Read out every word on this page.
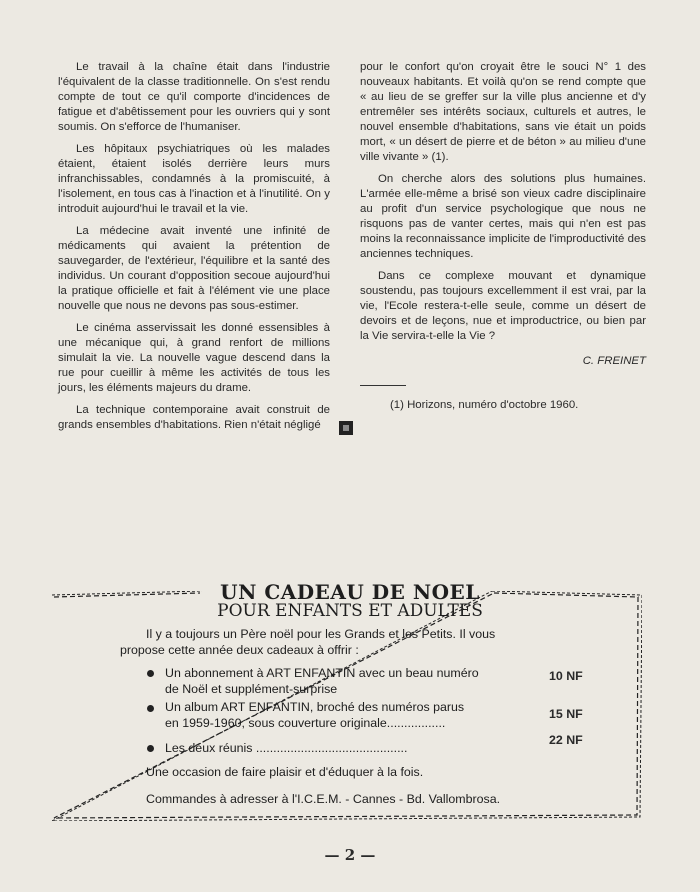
Le travail à la chaîne était dans l'industrie l'équivalent de la classe traditionnelle. On s'est rendu compte de tout ce qu'il comporte d'incidences de fatigue et d'abêtissement pour les ouvriers qui y sont soumis. On s'efforce de l'humaniser.

Les hôpitaux psychiatriques où les malades étaient, étaient isolés derrière leurs murs infranchissables, condamnés à la promiscuité, à l'isolement, en tous cas à l'inaction et à l'inutilité. On y introduit aujourd'hui le travail et la vie.

La médecine avait inventé une infinité de médicaments qui avaient la prétention de sauvegarder, de l'extérieur, l'équilibre et la santé des individus. Un courant d'opposition secoue aujourd'hui la pratique officielle et fait à l'élément vie une place nouvelle que nous ne devons pas sous-estimer.

Le cinéma asservissait les donné essensibles à une mécanique qui, à grand renfort de millions simulait la vie. La nouvelle vague descend dans la rue pour cueillir à même les activités de tous les jours, les éléments majeurs du drame.

La technique contemporaine avait construit de grands ensembles d'habitations. Rien n'était négligé

pour le confort qu'on croyait être le souci N° 1 des nouveaux habitants. Et voilà qu'on se rend compte que « au lieu de se greffer sur la ville plus ancienne et d'y entremêler ses intérêts sociaux, culturels et autres, le nouvel ensemble d'habitations, sans vie était un poids mort, « un désert de pierre et de béton » au milieu d'une ville vivante » (1).

On cherche alors des solutions plus humaines. L'armée elle-même a brisé son vieux cadre disciplinaire au profit d'un service psychologique que nous ne risquons pas de vanter certes, mais qui n'en est pas moins la reconnaissance implicite de l'improductivité des anciennes techniques.

Dans ce complexe mouvant et dynamique soustendu, pas toujours excellemment il est vrai, par la vie, l'Ecole restera-t-elle seule, comme un désert de devoirs et de leçons, nue et improductrice, ou bien par la Vie servira-t-elle la Vie ?

C. FREINET
(1) Horizons, numéro d'octobre 1960.
UN CADEAU DE NOEL
POUR ENFANTS ET ADULTES
Il y a toujours un Père noël pour les Grands et les Petits. Il vous
propose cette année deux cadeaux à offrir :
Un abonnement à ART ENFANTIN avec un beau numéro
de Noël et supplément-surprise
10 NF
Un album ART ENFANTIN, broché des numéros parus
en 1959-1960, sous couverture originale.................
15 NF
Les deux réunis ............................................
22 NF
Une occasion de faire plaisir et d'éduquer à la fois.
Commandes à adresser à l'I.C.E.M. - Cannes - Bd. Vallombrosa.
— 2 —
